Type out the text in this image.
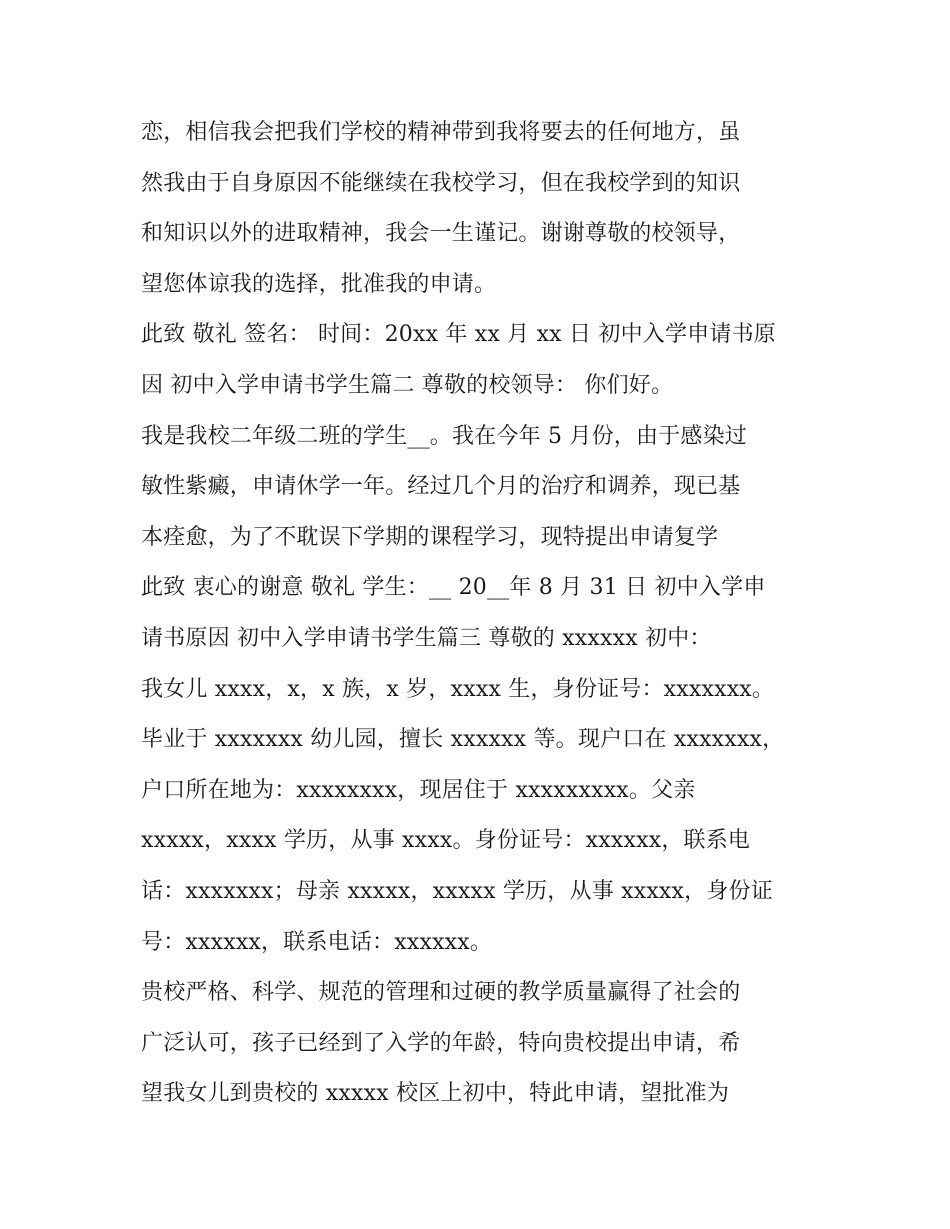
恋，相信我会把我们学校的精神带到我将要去的任何地方，虽
然我由于自身原因不能继续在我校学习，但在我校学到的知识
和知识以外的进取精神，我会一生谨记。谢谢尊敬的校领导，
望您体谅我的选择，批准我的申请。
此致 敬礼 签名： 时间：20xx 年 xx 月 xx 日 初中入学申请书原
因 初中入学申请书学生篇二 尊敬的校领导： 你们好。
我是我校二年级二班的学生__。我在今年 5 月份，由于感染过
敏性紫癜，申请休学一年。经过几个月的治疗和调养，现已基
本痊愈，为了不耽误下学期的课程学习，现特提出申请复学
此致 衷心的谢意 敬礼 学生：__ 20__年 8 月 31 日 初中入学申
请书原因 初中入学申请书学生篇三 尊敬的 xxxxxx 初中：
我女儿 xxxx，x，x 族，x 岁，xxxx 生，身份证号：xxxxxxx。
毕业于 xxxxxxx 幼儿园，擅长 xxxxxx 等。现户口在 xxxxxxx，
户口所在地为：xxxxxxxx，现居住于 xxxxxxxxx。父亲
xxxxx，xxxx 学历，从事 xxxx。身份证号：xxxxxx，联系电
话：xxxxxxx；母亲 xxxxx，xxxxx 学历，从事 xxxxx，身份证
号：xxxxxx，联系电话：xxxxxx。
贵校严格、科学、规范的管理和过硬的教学质量赢得了社会的
广泛认可，孩子已经到了入学的年龄，特向贵校提出申请，希
望我女儿到贵校的 xxxxx 校区上初中，特此申请，望批准为
